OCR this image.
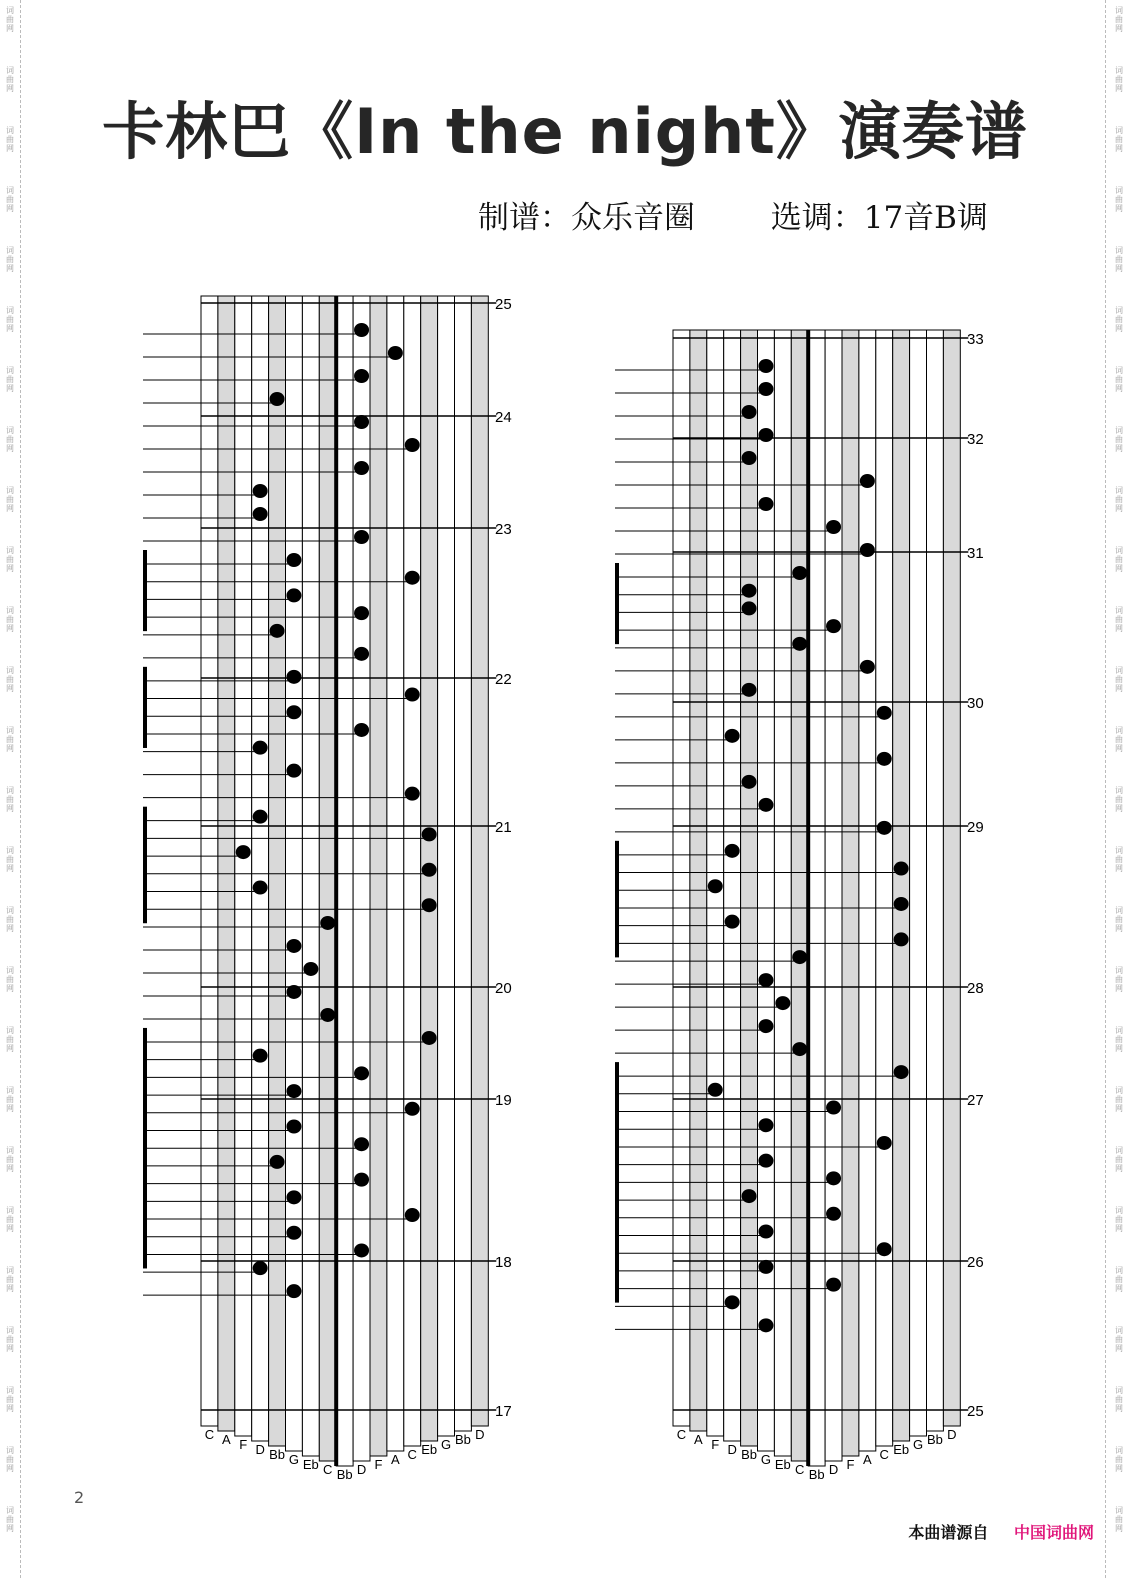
词
曲
网
词
曲
网
词
曲
网
词
曲
网
词
曲
网
词
曲
网
词
曲
网
词
曲
网
词
曲
网
词
曲
网
词
曲
网
词
曲
网
词
曲
网
词
曲
网
词
曲
网
词
曲
网
词
曲
网
词
曲
网
词
曲
网
词
曲
网
词
曲
网
词
曲
网
词
曲
网
词
曲
网
词
曲
网
词
曲
网
词
曲
网
词
曲
网
词
曲
网
词
曲
网
词
曲
网
词
曲
网
词
曲
网
词
曲
网
词
曲
网
词
曲
网
词
曲
网
词
曲
网
词
曲
网
词
曲
网
词
曲
网
词
曲
网
词
曲
网
词
曲
网
词
曲
网
词
曲
网
词
曲
网
词
曲
网
词
曲
网
词
曲
网
词
曲
网
词
曲
网
卡林巴《In the night》演奏谱
制谱：众乐音圈 选调：17音B调
C A F D Bb G Eb C Bb D F A C Eb G Bb D
25
24
23
22
21
20
19
18
17
C A F D Bb G Eb C Bb D F A C Eb G Bb D
33
32
31
30
29
28
27
26
25
2
本曲谱源自 中国词曲网
